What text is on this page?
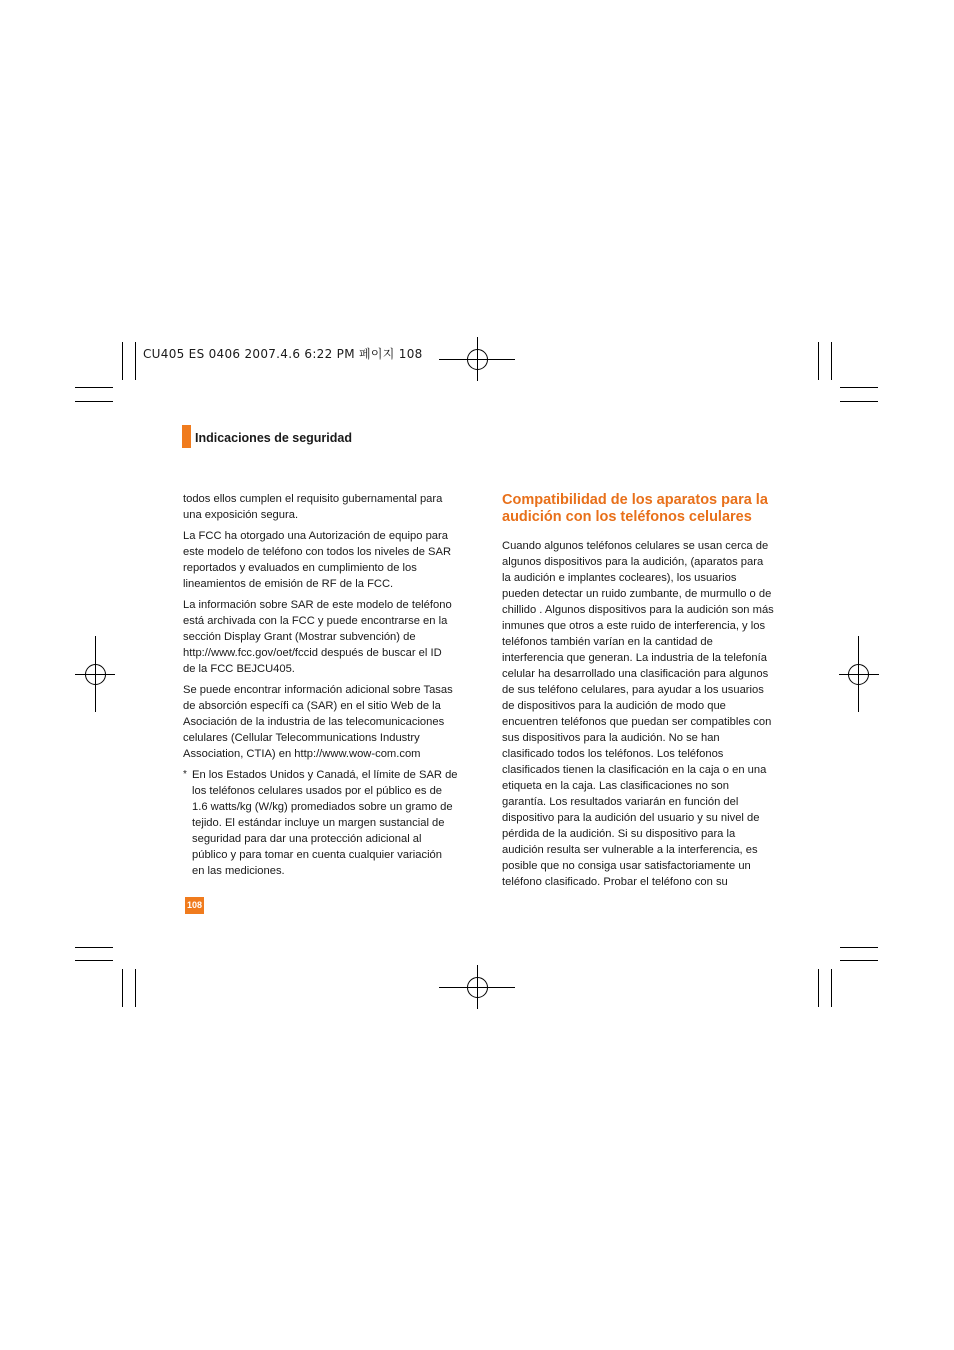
CU405 ES 0406 2007.4.6 6:22 PM 페이지 108
Indicaciones de seguridad

todos ellos cumplen el requisito gubernamental para
una exposición segura.

La FCC ha otorgado una Autorización de equipo para
este modelo de teléfono con todos los niveles de SAR
reportados y evaluados en cumplimiento de los
lineamientos de emisión de RF de la FCC.

La información sobre SAR de este modelo de teléfono
está archivada con la FCC y puede encontrarse en la
sección Display Grant (Mostrar subvención) de
http://www.fcc.gov/oet/fccid después de buscar el ID
de la FCC BEJCU405.

Se puede encontrar información adicional sobre Tasas
de absorción específi ca (SAR) en el sitio Web de la
Asociación de la industria de las telecomunicaciones
celulares (Cellular Telecommunications Industry
Association, CTIA) en http://www.wow-com.com

* En los Estados Unidos y Canadá, el límite de SAR de
los teléfonos celulares usados por el público es de
1.6 watts/kg (W/kg) promediados sobre un gramo de
tejido. El estándar incluye un margen sustancial de
seguridad para dar una protección adicional al
público y para tomar en cuenta cualquier variación
en las mediciones.
Compatibilidad de los aparatos para la
audición con los teléfonos celulares

Cuando algunos teléfonos celulares se usan cerca de
algunos dispositivos para la audición, (aparatos para
la audición e implantes cocleares), los usuarios
pueden detectar un ruido zumbante, de murmullo o de
chillido . Algunos dispositivos para la audición son más
inmunes que otros a este ruido de interferencia, y los
teléfonos también varían en la cantidad de
interferencia que generan. La industria de la telefonía
celular ha desarrollado una clasificación para algunos
de sus teléfono celulares, para ayudar a los usuarios
de dispositivos para la audición de modo que
encuentren teléfonos que puedan ser compatibles con
sus dispositivos para la audición. No se han
clasificado todos los teléfonos. Los teléfonos
clasificados tienen la clasificación en la caja o en una
etiqueta en la caja. Las clasificaciones no son
garantía. Los resultados variarán en función del
dispositivo para la audición del usuario y su nivel de
pérdida de la audición. Si su dispositivo para la
audición resulta ser vulnerable a la interferencia, es
posible que no consiga usar satisfactoriamente un
teléfono clasificado. Probar el teléfono con su

108
